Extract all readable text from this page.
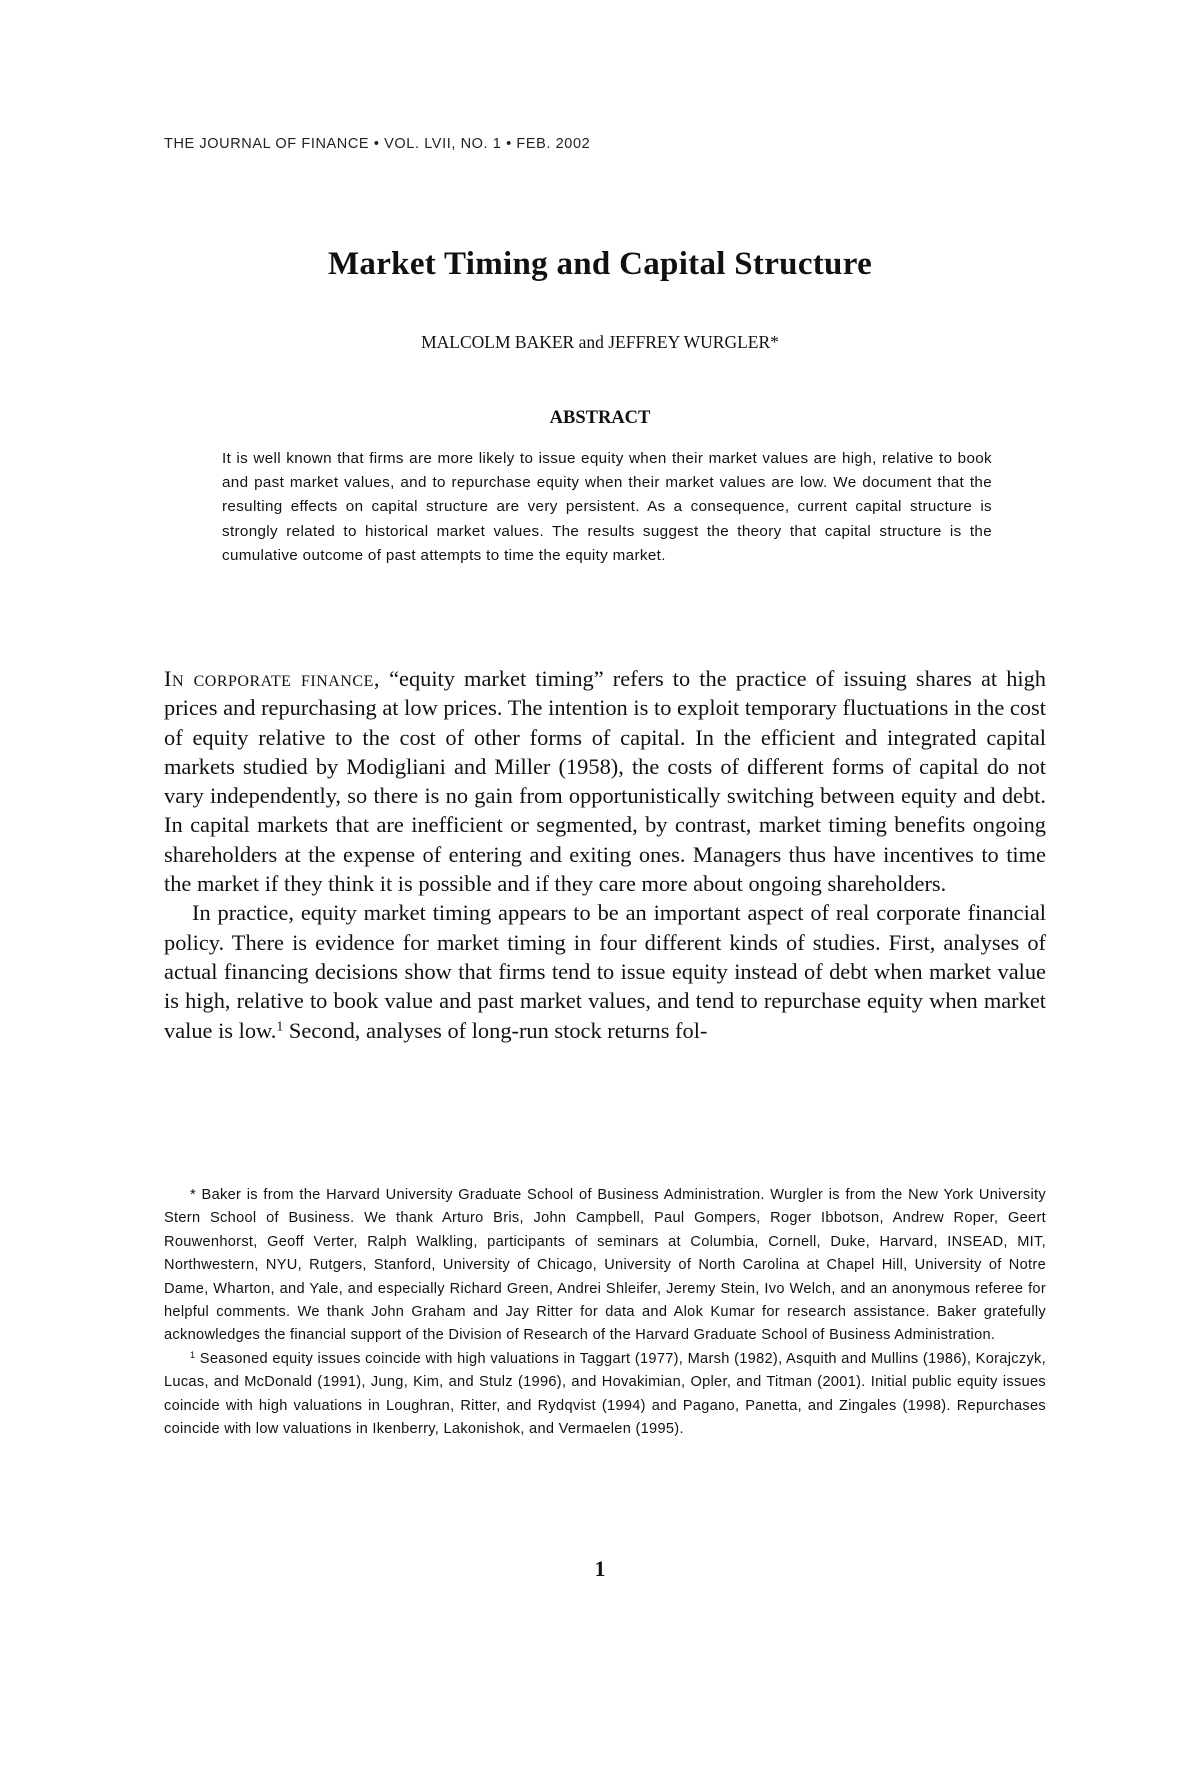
THE JOURNAL OF FINANCE • VOL. LVII, NO. 1 • FEB. 2002
Market Timing and Capital Structure
MALCOLM BAKER and JEFFREY WURGLER*
ABSTRACT

It is well known that firms are more likely to issue equity when their market values are high, relative to book and past market values, and to repurchase equity when their market values are low. We document that the resulting effects on capital structure are very persistent. As a consequence, current capital structure is strongly related to historical market values. The results suggest the theory that capital structure is the cumulative outcome of past attempts to time the equity market.

In corporate finance, “equity market timing” refers to the practice of issuing shares at high prices and repurchasing at low prices. The intention is to exploit temporary fluctuations in the cost of equity relative to the cost of other forms of capital. In the efficient and integrated capital markets studied by Modigliani and Miller (1958), the costs of different forms of capital do not vary independently, so there is no gain from opportunistically switching between equity and debt. In capital markets that are inefficient or segmented, by contrast, market timing benefits ongoing shareholders at the expense of entering and exiting ones. Managers thus have incentives to time the market if they think it is possible and if they care more about ongoing shareholders.

In practice, equity market timing appears to be an important aspect of real corporate financial policy. There is evidence for market timing in four different kinds of studies. First, analyses of actual financing decisions show that firms tend to issue equity instead of debt when market value is high, relative to book value and past market values, and tend to repurchase equity when market value is low.$^1$ Second, analyses of long-run stock returns fol-

* Baker is from the Harvard University Graduate School of Business Administration. Wurgler is from the New York University Stern School of Business. We thank Arturo Bris, John Campbell, Paul Gompers, Roger Ibbotson, Andrew Roper, Geert Rouwenhorst, Geoff Verter, Ralph Walkling, participants of seminars at Columbia, Cornell, Duke, Harvard, INSEAD, MIT, Northwestern, NYU, Rutgers, Stanford, University of Chicago, University of North Carolina at Chapel Hill, University of Notre Dame, Wharton, and Yale, and especially Richard Green, Andrei Shleifer, Jeremy Stein, Ivo Welch, and an anonymous referee for helpful comments. We thank John Graham and Jay Ritter for data and Alok Kumar for research assistance. Baker gratefully acknowledges the financial support of the Division of Research of the Harvard Graduate School of Business Administration.

$^1$ Seasoned equity issues coincide with high valuations in Taggart (1977), Marsh (1982), Asquith and Mullins (1986), Korajczyk, Lucas, and McDonald (1991), Jung, Kim, and Stulz (1996), and Hovakimian, Opler, and Titman (2001). Initial public equity issues coincide with high valuations in Loughran, Ritter, and Rydqvist (1994) and Pagano, Panetta, and Zingales (1998). Repurchases coincide with low valuations in Ikenberry, Lakonishok, and Vermaelen (1995).

1
